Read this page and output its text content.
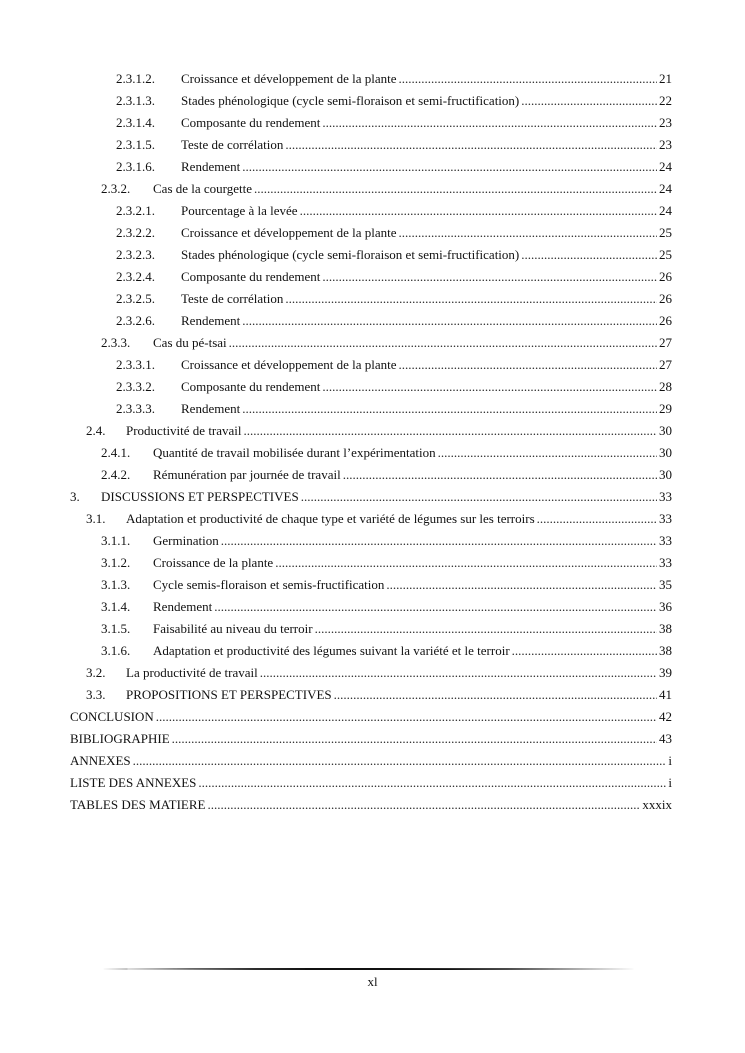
2.3.1.2.	Croissance et développement de la plante .....	21
2.3.1.3.	Stades phénologique (cycle semi-floraison et semi-fructification) .....	22
2.3.1.4.	Composante du rendement .....	23
2.3.1.5.	Teste de corrélation .....	23
2.3.1.6.	Rendement .....	24
2.3.2.	Cas de la courgette .....	24
2.3.2.1.	Pourcentage à la levée .....	24
2.3.2.2.	Croissance et développement de la plante .....	25
2.3.2.3.	Stades phénologique (cycle semi-floraison et semi-fructification) .....	25
2.3.2.4.	Composante du rendement .....	26
2.3.2.5.	Teste de corrélation .....	26
2.3.2.6.	Rendement .....	26
2.3.3.	Cas du pé-tsai .....	27
2.3.3.1.	Croissance et développement de la plante .....	27
2.3.3.2.	Composante du rendement .....	28
2.3.3.3.	Rendement .....	29
2.4.	Productivité de travail .....	30
2.4.1.	Quantité de travail mobilisée durant l’expérimentation .....	30
2.4.2.	Rémunération par journée de travail .....	30
3.	DISCUSSIONS ET PERSPECTIVES .....	33
3.1.	Adaptation et productivité de chaque type et variété de légumes sur les terroirs .....	33
3.1.1.	Germination .....	33
3.1.2.	Croissance de la plante .....	33
3.1.3.	Cycle semis-floraison et semis-fructification .....	35
3.1.4.	Rendement .....	36
3.1.5.	Faisabilité au niveau du terroir .....	38
3.1.6.	Adaptation et productivité des légumes suivant la variété et le terroir .....	38
3.2.	La productivité de travail .....	39
3.3.	PROPOSITIONS ET PERSPECTIVES .....	41
CONCLUSION .....	42
BIBLIOGRAPHIE .....	43
ANNEXES .....	i
LISTE DES ANNEXES .....	i
TABLES DES MATIERE .....	xxxix
xl
